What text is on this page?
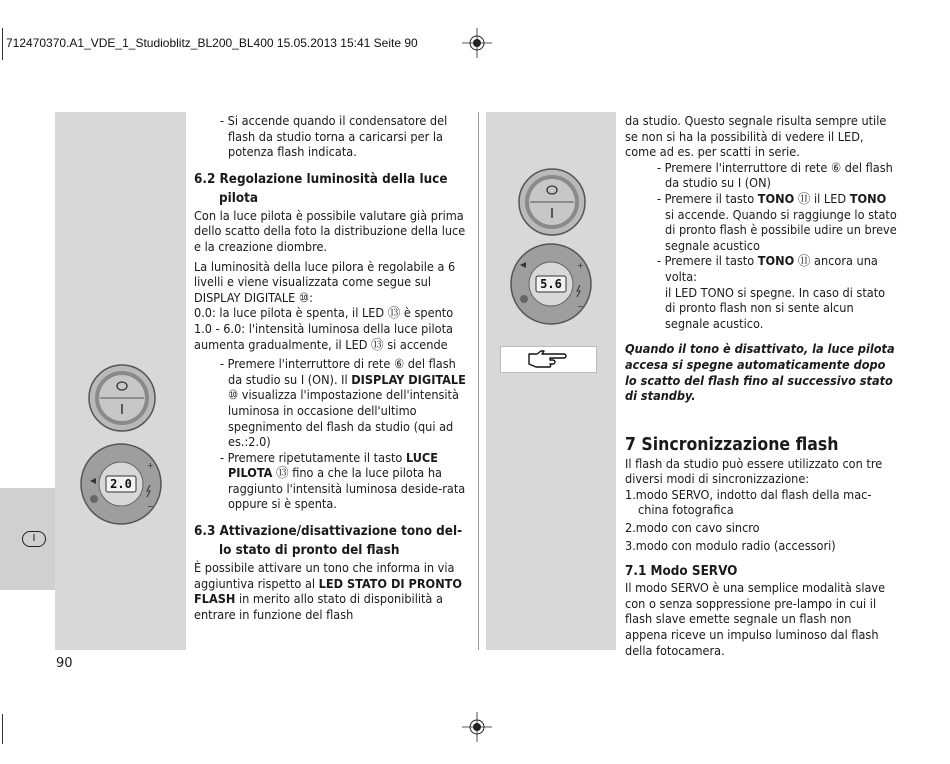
712470370.A1_VDE_1_Studioblitz_BL200_BL400 15.05.2013 15:41 Seite 90
I
2.0
+
−
5.6
+
−
90

- Si accende quando il condensatore del flash da studio torna a caricarsi per la potenza flash indicata.

6.2 Regolazione luminosità della luce pilota

Con la luce pilota è possibile valutare già prima dello scatto della foto la distribuzione della luce e la creazione diombre.

La luminosità della luce pilora è regolabile a 6 livelli e viene visualizzata come segue sul DISPLAY DIGITALE ⑩:

0.0: la luce pilota è spenta, il LED ⑬ è spento

1.0 - 6.0: l'intensità luminosa della luce pilota aumenta gradualmente, il LED ⑬ si accende

- Premere l'interruttore di rete ⑥ del flash da studio su I (ON). Il DISPLAY DIGITALE ⑩ visualizza l'impostazione dell'intensità luminosa in occasione dell'ultimo spegnimento del flash da studio (qui ad es.:2.0)

- Premere ripetutamente il tasto LUCE PILOTA ⑬ fino a che la luce pilota ha raggiunto l'intensità luminosa deside-rata oppure si è spenta.

6.3 Attivazione/disattivazione tono del-lo stato di pronto del flash

È possibile attivare un tono che informa in via aggiuntiva rispetto al LED STATO DI PRONTO FLASH in merito allo stato di disponibilità a entrare in funzione del flash

da studio. Questo segnale risulta sempre utile se non si ha la possibilità di vedere il LED, come ad es. per scatti in serie.

- Premere l'interruttore di rete ⑥ del flash da studio su I (ON)

- Premere il tasto TONO ⑪ il LED TONO si accende. Quando si raggiunge lo stato di pronto flash è possibile udire un breve segnale acustico

- Premere il tasto TONO ⑪ ancora una volta:

il LED TONO si spegne. In caso di stato di pronto flash non si sente alcun segnale acustico.

Quando il tono è disattivato, la luce pilota accesa si spegne automaticamente dopo lo scatto del flash fino al successivo stato di standby.

7 Sincronizzazione flash

Il flash da studio può essere utilizzato con tre diversi modi di sincronizzazione:

1.modo SERVO, indotto dal flash della mac-china fotografica

2.modo con cavo sincro

3.modo con modulo radio (accessori)

7.1 Modo SERVO

Il modo SERVO è una semplice modalità slave con o senza soppressione pre-lampo in cui il flash slave emette segnale un flash non appena riceve un impulso luminoso dal flash della fotocamera.
